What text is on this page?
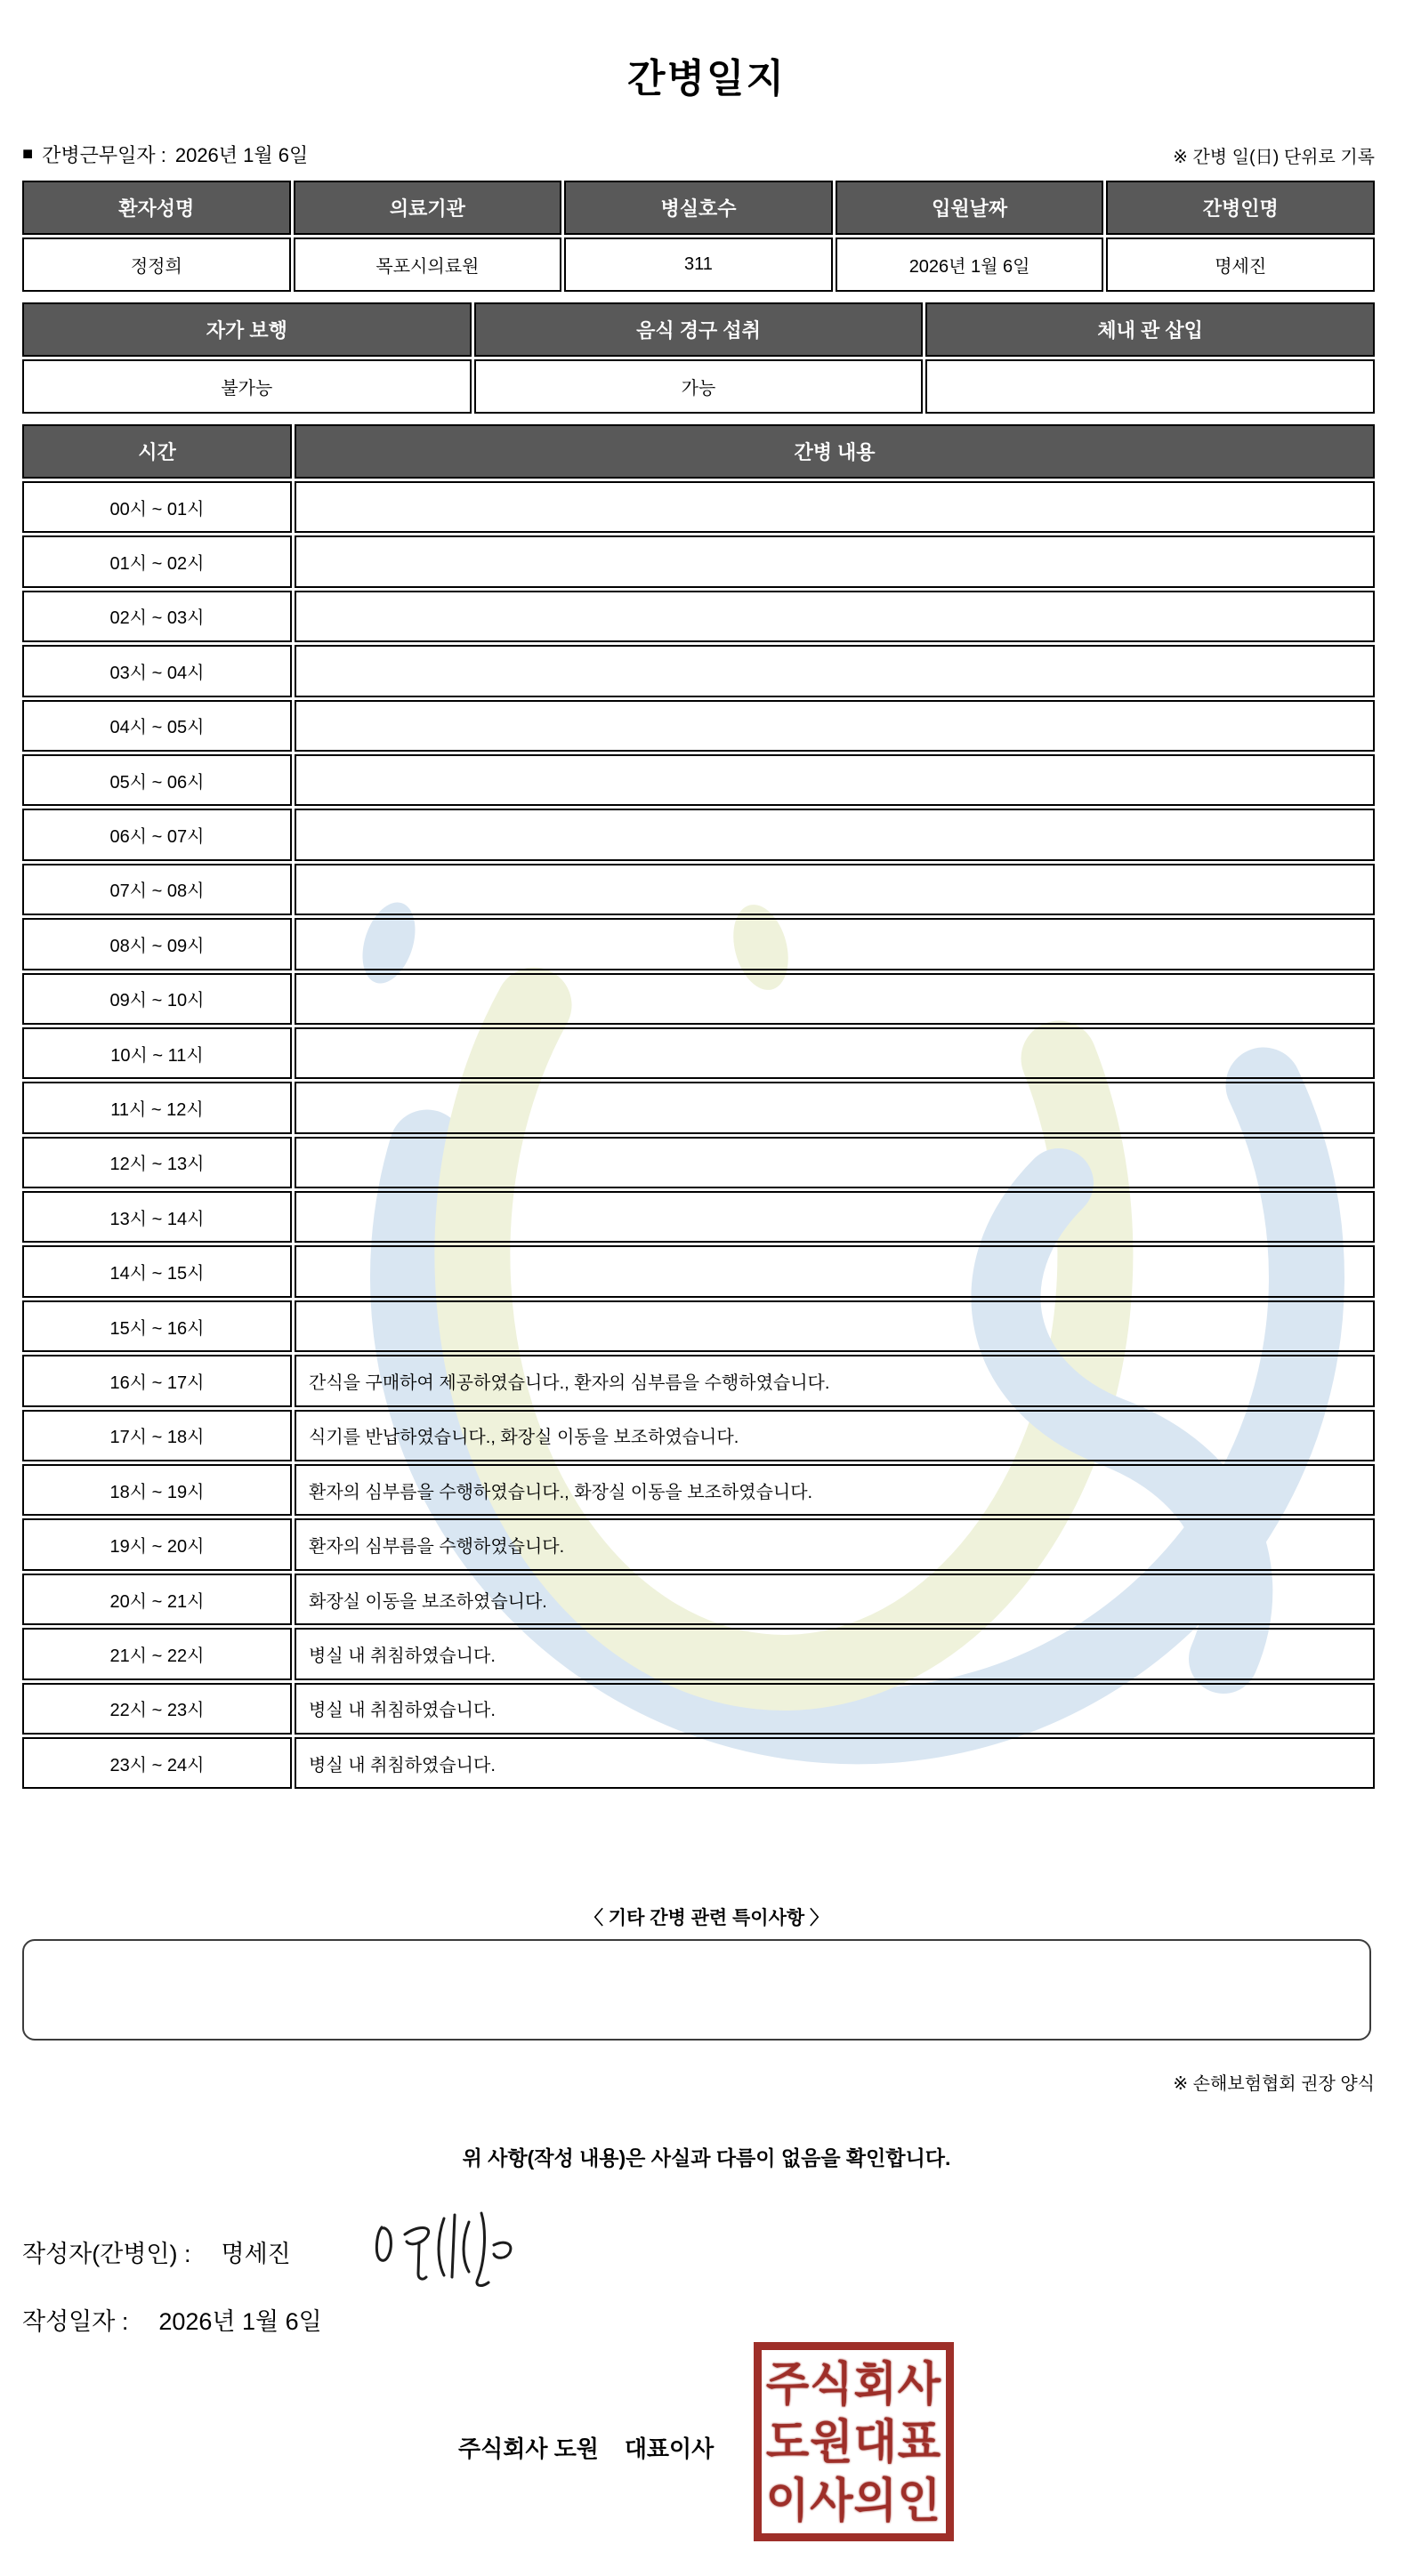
간병일지
■ 간병근무일자 : 2026년 1월 6일	※ 간병 일(日) 단위로 기록
환자성명	의료기관	병실호수	입원날짜	간병인명
정정희	목포시의료원	311	2026년 1월 6일	명세진
자가 보행	음식 경구 섭취	체내 관 삽입
불가능	가능
시간	간병 내용
00시 ~ 01시
01시 ~ 02시
02시 ~ 03시
03시 ~ 04시
04시 ~ 05시
05시 ~ 06시
06시 ~ 07시
07시 ~ 08시
08시 ~ 09시
09시 ~ 10시
10시 ~ 11시
11시 ~ 12시
12시 ~ 13시
13시 ~ 14시
14시 ~ 15시
15시 ~ 16시
16시 ~ 17시	간식을 구매하여 제공하였습니다., 환자의 심부름을 수행하였습니다.
17시 ~ 18시	식기를 반납하였습니다., 화장실 이동을 보조하였습니다.
18시 ~ 19시	환자의 심부름을 수행하였습니다., 화장실 이동을 보조하였습니다.
19시 ~ 20시	환자의 심부름을 수행하였습니다.
20시 ~ 21시	화장실 이동을 보조하였습니다.
21시 ~ 22시	병실 내 취침하였습니다.
22시 ~ 23시	병실 내 취침하였습니다.
23시 ~ 24시	병실 내 취침하였습니다.
〈 기타 간병 관련 특이사항 〉
※ 손해보험협회 권장 양식
위 사항(작성 내용)은 사실과 다름이 없음을 확인합니다.
작성자(간병인) : 명세진
작성일자 : 2026년 1월 6일
주식회사 도원    대표이사
주식회사
도원대표
이사의인
